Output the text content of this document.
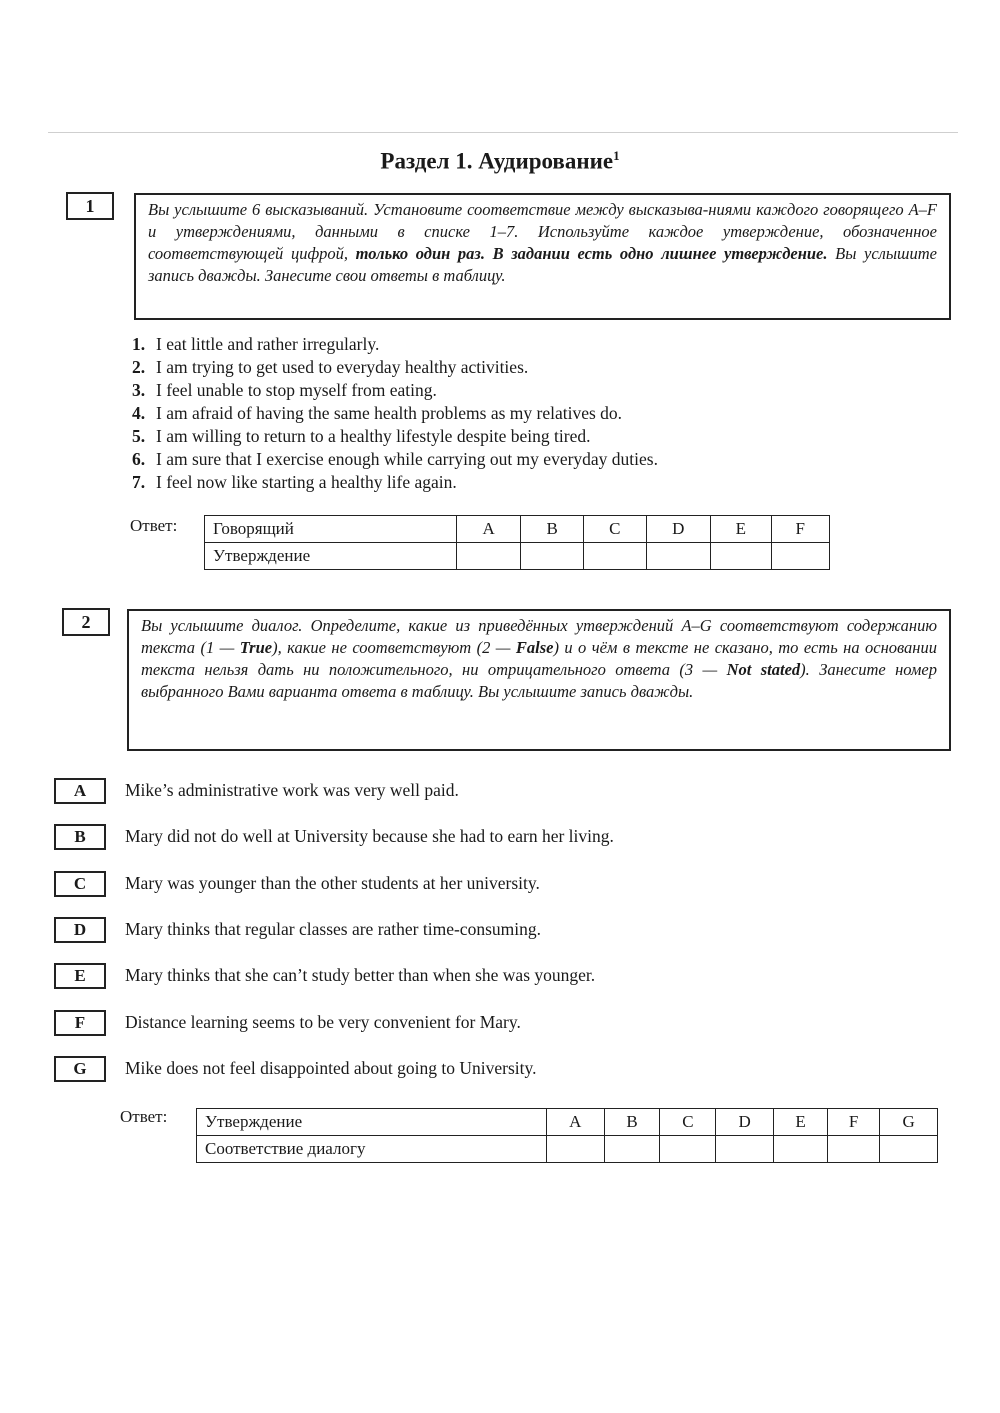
Раздел 1. Аудирование$^1$
1	Вы услышите 6 высказываний. Установите соответствие между высказыва-ниями каждого говорящего A–F и утверждениями, данными в списке 1–7. Используйте каждое утверждение, обозначенное соответствующей цифрой, только один раз. В задании есть одно лишнее утверждение. Вы услышите запись дважды. Занесите свои ответы в таблицу.
1. I eat little and rather irregularly.
2. I am trying to get used to everyday healthy activities.
3. I feel unable to stop myself from eating.
4. I am afraid of having the same health problems as my relatives do.
5. I am willing to return to a healthy lifestyle despite being tired.
6. I am sure that I exercise enough while carrying out my everyday duties.
7. I feel now like starting a healthy life again.
Ответ: Говорящий	A	B	C	D	E	F
Утверждение						
2	Вы услышите диалог. Определите, какие из приведённых утверждений A–G соответствуют содержанию текста (1 — True), какие не соответствуют (2 — False) и о чём в тексте не сказано, то есть на основании текста нельзя дать ни положительного, ни отрицательного ответа (3 — Not stated). Занесите номер выбранного Вами варианта ответа в таблицу. Вы услышите запись дважды.
A	Mike’s administrative work was very well paid.
B	Mary did not do well at University because she had to earn her living.
C	Mary was younger than the other students at her university.
D	Mary thinks that regular classes are rather time-consuming.
E	Mary thinks that she can’t study better than when she was younger.
F	Distance learning seems to be very convenient for Mary.
G	Mike does not feel disappointed about going to University.
Ответ: Утверждение	A	B	C	D	E	F	G
Соответствие диалогу							
